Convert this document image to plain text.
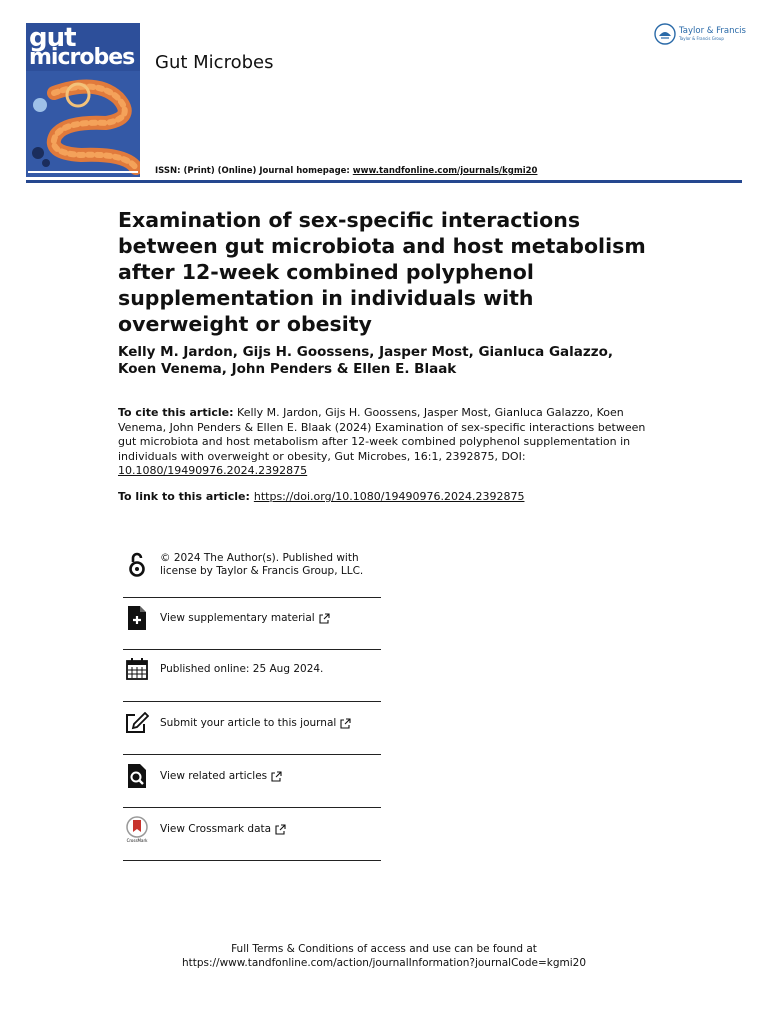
gut
microbes Gut Microbes
ISSN: (Print) (Online) Journal homepage: www.tandfonline.com/journals/kgmi20
Taylor & Francis
Taylor & Francis Group
Examination of sex-specific interactions between gut microbiota and host metabolism after 12-week combined polyphenol supplementation in individuals with overweight or obesity
Kelly M. Jardon, Gijs H. Goossens, Jasper Most, Gianluca Galazzo, Koen Venema, John Penders & Ellen E. Blaak
To cite this article: Kelly M. Jardon, Gijs H. Goossens, Jasper Most, Gianluca Galazzo, Koen Venema, John Penders & Ellen E. Blaak (2024) Examination of sex-specific interactions between gut microbiota and host metabolism after 12-week combined polyphenol supplementation in individuals with overweight or obesity, Gut Microbes, 16:1, 2392875, DOI: 10.1080/19490976.2024.2392875
To link to this article: https://doi.org/10.1080/19490976.2024.2392875
© 2024 The Author(s). Published with license by Taylor & Francis Group, LLC.
View supplementary material
Published online: 25 Aug 2024.
Submit your article to this journal
View related articles
CrossMark
View Crossmark data
Full Terms & Conditions of access and use can be found at
https://www.tandfonline.com/action/journalInformation?journalCode=kgmi20
